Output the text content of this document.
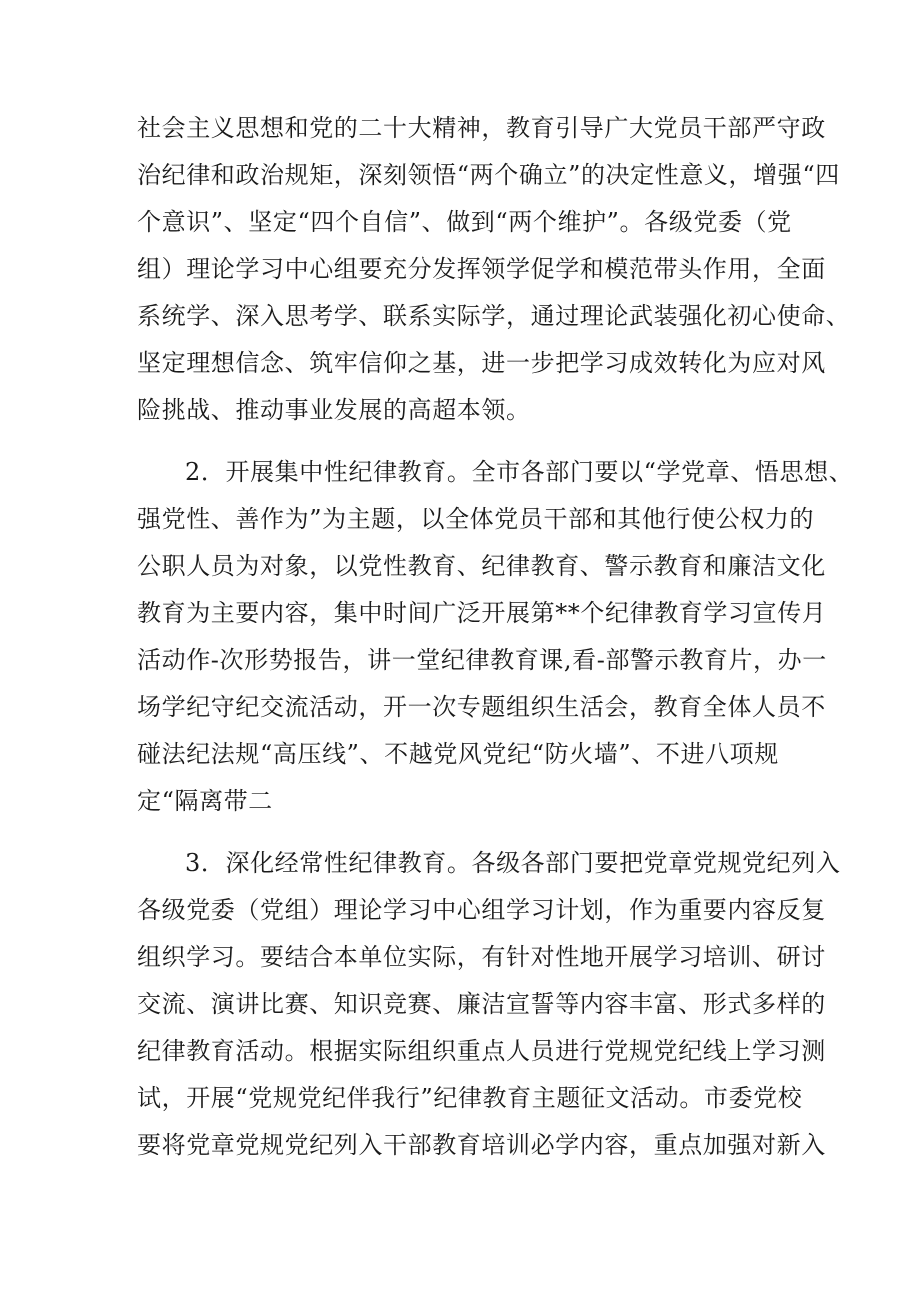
社会主义思想和党的二十大精神，教育引导广大党员干部严守政
治纪律和政治规矩，深刻领悟“两个确立”的决定性意义，增强“四
个意识”、坚定“四个自信”、做到“两个维护”。各级党委（党
组）理论学习中心组要充分发挥领学促学和模范带头作用，全面
系统学、深入思考学、联系实际学，通过理论武装强化初心使命、
坚定理想信念、筑牢信仰之基，进一步把学习成效转化为应对风
险挑战、推动事业发展的高超本领。
2．开展集中性纪律教育。全市各部门要以“学党章、悟思想、
强党性、善作为”为主题，以全体党员干部和其他行使公权力的
公职人员为对象，以党性教育、纪律教育、警示教育和廉洁文化
教育为主要内容，集中时间广泛开展第**个纪律教育学习宣传月
活动作-次形势报告，讲一堂纪律教育课,看-部警示教育片，办一
场学纪守纪交流活动，开一次专题组织生活会，教育全体人员不
碰法纪法规“高压线”、不越党风党纪“防火墙”、不进八项规
定“隔离带二
3．深化经常性纪律教育。各级各部门要把党章党规党纪列入
各级党委（党组）理论学习中心组学习计划，作为重要内容反复
组织学习。要结合本单位实际，有针对性地开展学习培训、研讨
交流、演讲比赛、知识竞赛、廉洁宣誓等内容丰富、形式多样的
纪律教育活动。根据实际组织重点人员进行党规党纪线上学习测
试，开展“党规党纪伴我行”纪律教育主题征文活动。市委党校
要将党章党规党纪列入干部教育培训必学内容，重点加强对新入
